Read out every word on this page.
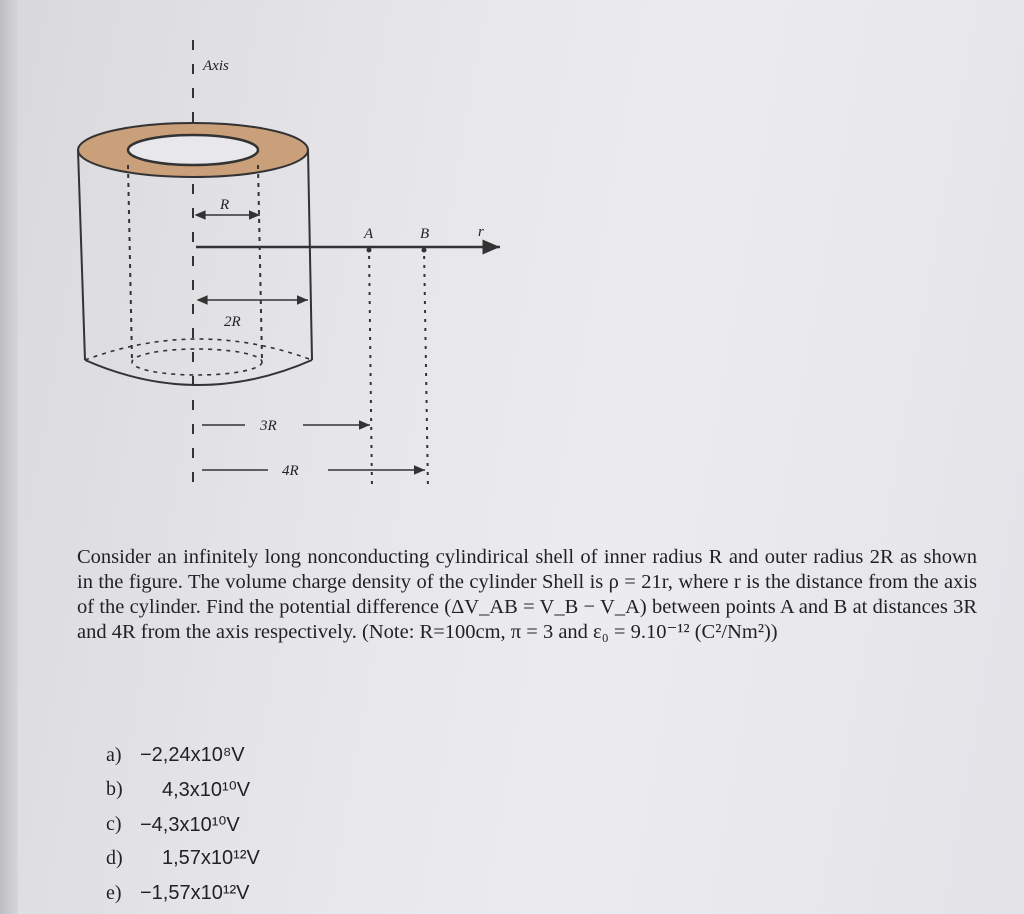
Axis
R
A	B	r
2R
3R
4R

Consider an infinitely long nonconducting cylindirical shell of inner radius R and outer radius 2R as shown in the figure. The volume charge density of the cylinder Shell is ρ = 21r, where r is the distance from the axis of the cylinder. Find the potential difference (ΔV_AB = V_B − V_A) between points A and B at distances 3R and 4R from the axis respectively. (Note: R=100cm, π = 3 and ε₀ = 9.10⁻¹² (C²/Nm²))

a) −2,24x10⁸V
b)	4,3x10¹⁰V
c) −4,3x10¹⁰V
d)	1,57x10¹²V
e) −1,57x10¹²V
